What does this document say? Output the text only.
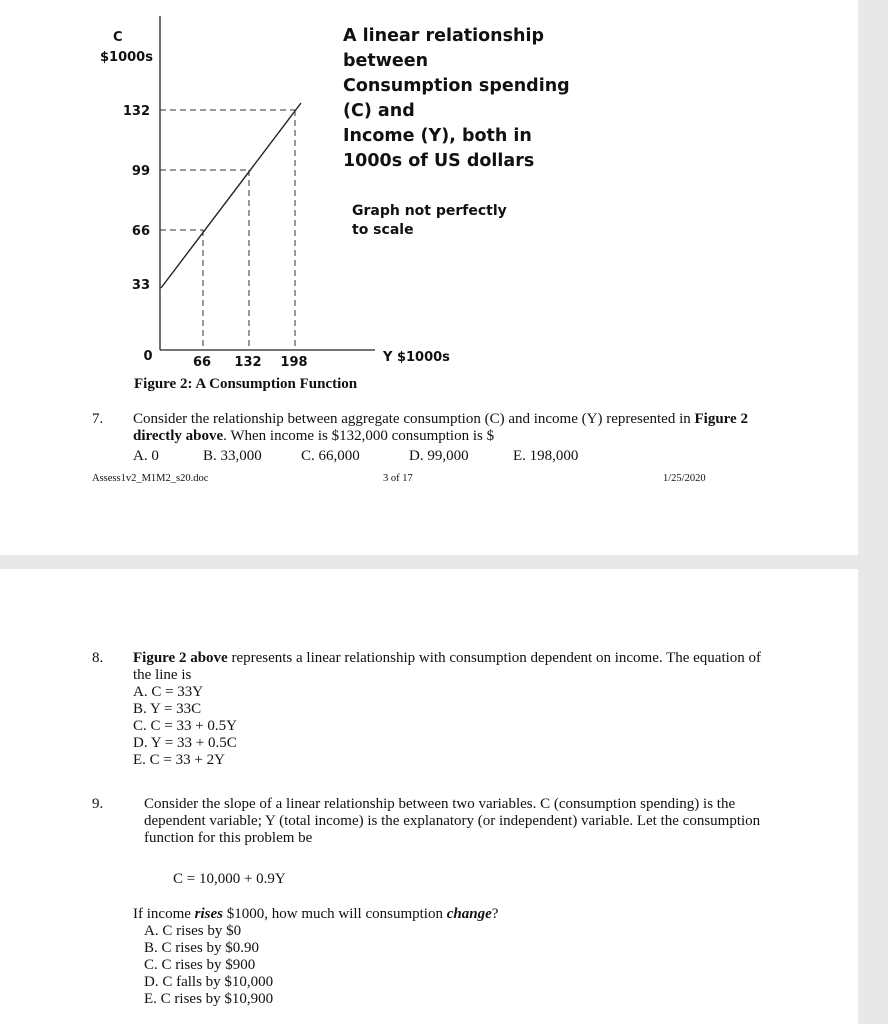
C
$1000s
132
99
66
33
66 132 198
0	Y $1000s
A linear relationship
between
Consumption spending
(C) and
Income (Y), both in
1000s of US dollars
Graph not perfectly
to scale
Figure 2: A Consumption Function
7. Consider the relationship between aggregate consumption (C) and income (Y) represented in Figure 2
directly above. When income is $132,000 consumption is $
A. 0	B. 33,000	C. 66,000	D. 99,000	E. 198,000
Assess1v2_M1M2_s20.doc	3 of 17	1/25/2020
8. Figure 2 above represents a linear relationship with consumption dependent on income. The equation of
the line is
A. C = 33Y
B. Y = 33C
C. C = 33 + 0.5Y
D. Y = 33 + 0.5C
E. C = 33 + 2Y
9.	Consider the slope of a linear relationship between two variables. C (consumption spending) is the
dependent variable; Y (total income) is the explanatory (or independent) variable. Let the consumption
function for this problem be
C = 10,000 + 0.9Y
If income rises $1000, how much will consumption change?
A. C rises by $0
B. C rises by $0.90
C. C rises by $900
D. C falls by $10,000
E. C rises by $10,900
